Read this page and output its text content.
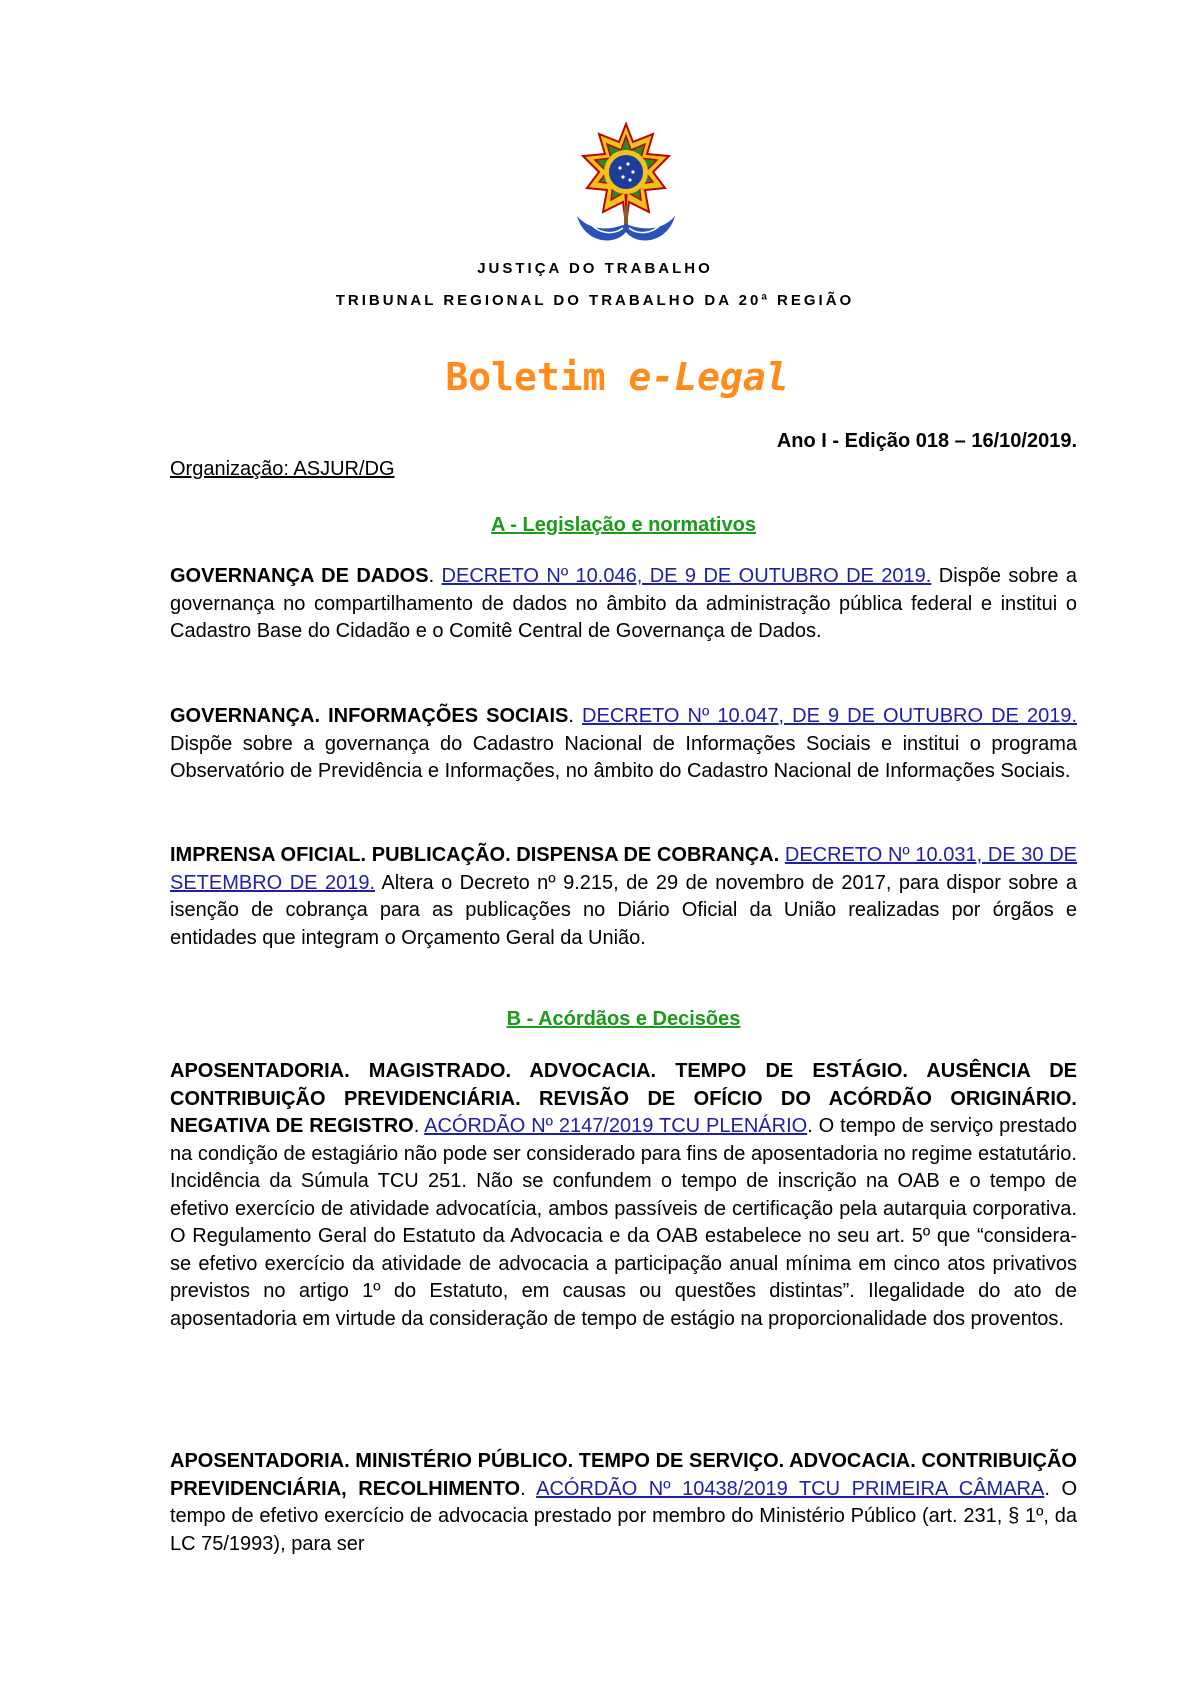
JUSTIÇA DO TRABALHO
TRIBUNAL REGIONAL DO TRABALHO DA 20ª REGIÃO
Boletim e-Legal
Ano I - Edição 018 – 16/10/2019.
Organização: ASJUR/DG
A - Legislação e normativos
GOVERNANÇA DE DADOS. DECRETO Nº 10.046, DE 9 DE OUTUBRO DE 2019. Dispõe sobre a governança no compartilhamento de dados no âmbito da administração pública federal e institui o Cadastro Base do Cidadão e o Comitê Central de Governança de Dados.
GOVERNANÇA. INFORMAÇÕES SOCIAIS. DECRETO Nº 10.047, DE 9 DE OUTUBRO DE 2019. Dispõe sobre a governança do Cadastro Nacional de Informações Sociais e institui o programa Observatório de Previdência e Informações, no âmbito do Cadastro Nacional de Informações Sociais.
IMPRENSA OFICIAL. PUBLICAÇÃO. DISPENSA DE COBRANÇA. DECRETO Nº 10.031, DE 30 DE SETEMBRO DE 2019. Altera o Decreto nº 9.215, de 29 de novembro de 2017, para dispor sobre a isenção de cobrança para as publicações no Diário Oficial da União realizadas por órgãos e entidades que integram o Orçamento Geral da União.
B - Acórdãos e Decisões
APOSENTADORIA. MAGISTRADO. ADVOCACIA. TEMPO DE ESTÁGIO. AUSÊNCIA DE CONTRIBUIÇÃO PREVIDENCIÁRIA. REVISÃO DE OFÍCIO DO ACÓRDÃO ORIGINÁRIO. NEGATIVA DE REGISTRO. ACÓRDÃO Nº 2147/2019 TCU PLENÁRIO. O tempo de serviço prestado na condição de estagiário não pode ser considerado para fins de aposentadoria no regime estatutário. Incidência da Súmula TCU 251. Não se confundem o tempo de inscrição na OAB e o tempo de efetivo exercício de atividade advocatícia, ambos passíveis de certificação pela autarquia corporativa. O Regulamento Geral do Estatuto da Advocacia e da OAB estabelece no seu art. 5º que “considera-se efetivo exercício da atividade de advocacia a participação anual mínima em cinco atos privativos previstos no artigo 1º do Estatuto, em causas ou questões distintas”. Ilegalidade do ato de aposentadoria em virtude da consideração de tempo de estágio na proporcionalidade dos proventos.
APOSENTADORIA. MINISTÉRIO PÚBLICO. TEMPO DE SERVIÇO. ADVOCACIA. CONTRIBUIÇÃO PREVIDENCIÁRIA, RECOLHIMENTO. ACÓRDÃO Nº 10438/2019 TCU PRIMEIRA CÂMARA. O tempo de efetivo exercício de advocacia prestado por membro do Ministério Público (art. 231, § 1º, da LC 75/1993), para ser
